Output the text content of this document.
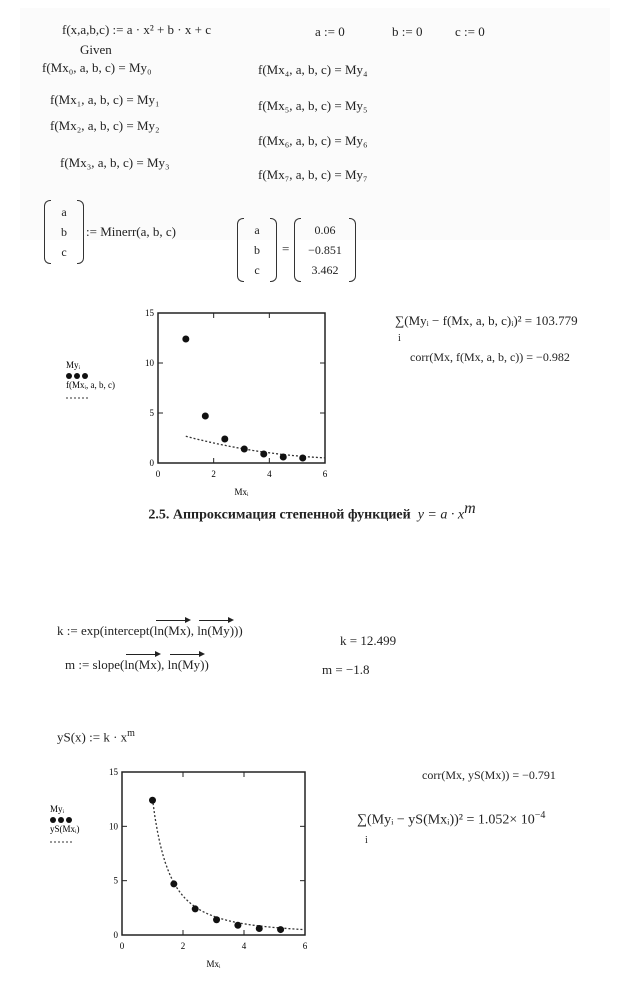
f(x,a,b,c) := a · x² + b · x + c	a := 0	b := 0	c := 0
Given
f(Mx₀, a, b, c) = My₀
f(Mx₁, a, b, c) = My₁
f(Mx₂, a, b, c) = My₂
f(Mx₃, a, b, c) = My₃
f(Mx₄, a, b, c) = My₄
f(Mx₅, a, b, c) = My₅
f(Mx₆, a, b, c) = My₆
f(Mx₇, a, b, c) = My₇
a
b
c
:= Minerr(a, b, c)	a
b
c
=
0.06
−0.851
3.462
0	2	4	6
0
5
10
15
Mxᵢ
Myᵢ
f(Mxᵢ, a, b, c)
∑(Myᵢ − f(Mx, a, b, c)ᵢ)² = 103.779
i
corr(Mx, f(Mx, a, b, c)) = −0.982
2.5. Аппроксимация степенной функцией $y = a \cdot x^m$
k := exp(intercept(ln(Mx), ln(My)))
k = 12.499
m := slope(ln(Mx), ln(My))	m = −1.8
yS(x) := $k \cdot x^m$
0	2	4	6
0
5
10
15
Mxᵢ
Myᵢ
yS(Mxᵢ)
corr(Mx, yS(Mx)) = −0.791
∑(Myᵢ − yS(Mxᵢ))² = $1.052\times 10^{-4}$
i
